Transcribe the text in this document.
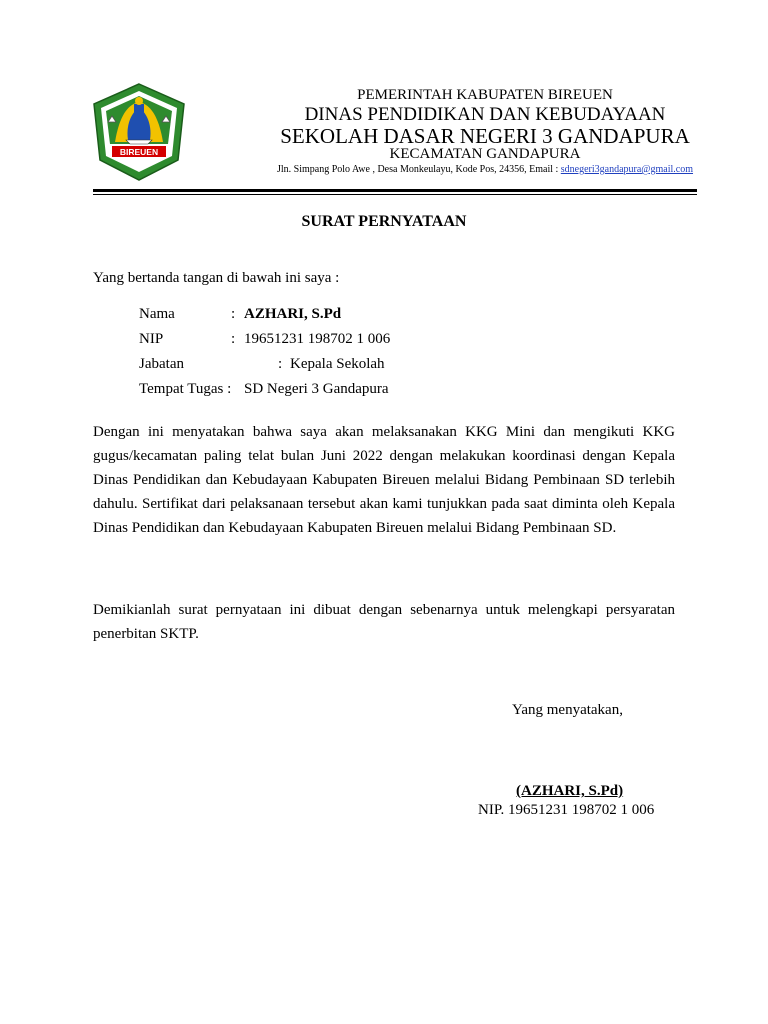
BIREUEN
PEMERINTAH KABUPATEN BIREUEN
DINAS PENDIDIKAN DAN KEBUDAYAAN
SEKOLAH DASAR NEGERI 3 GANDAPURA
KECAMATAN GANDAPURA
Jln. Simpang Polo Awe , Desa Monkeulayu, Kode Pos, 24356, Email : sdnegeri3gandapura@gmail.com
SURAT PERNYATAAN
Yang bertanda tangan di bawah ini saya :
Nama	: AZHARI, S.Pd
NIP	: 19651231 198702 1 006
Jabatan	: Kepala Sekolah
Tempat Tugas : SD Negeri 3 Gandapura
Dengan ini menyatakan bahwa saya akan melaksanakan KKG Mini dan mengikuti KKG gugus/kecamatan paling telat bulan Juni 2022 dengan melakukan koordinasi dengan Kepala Dinas Pendidikan dan Kebudayaan Kabupaten Bireuen melalui Bidang Pembinaan SD terlebih dahulu. Sertifikat dari pelaksanaan tersebut akan kami tunjukkan pada saat diminta oleh Kepala Dinas Pendidikan dan Kebudayaan Kabupaten Bireuen melalui Bidang Pembinaan SD.
Demikianlah surat pernyataan ini dibuat dengan sebenarnya untuk melengkapi persyaratan penerbitan SKTP.
Yang menyatakan,
(AZHARI, S.Pd)
NIP. 19651231 198702 1 006
